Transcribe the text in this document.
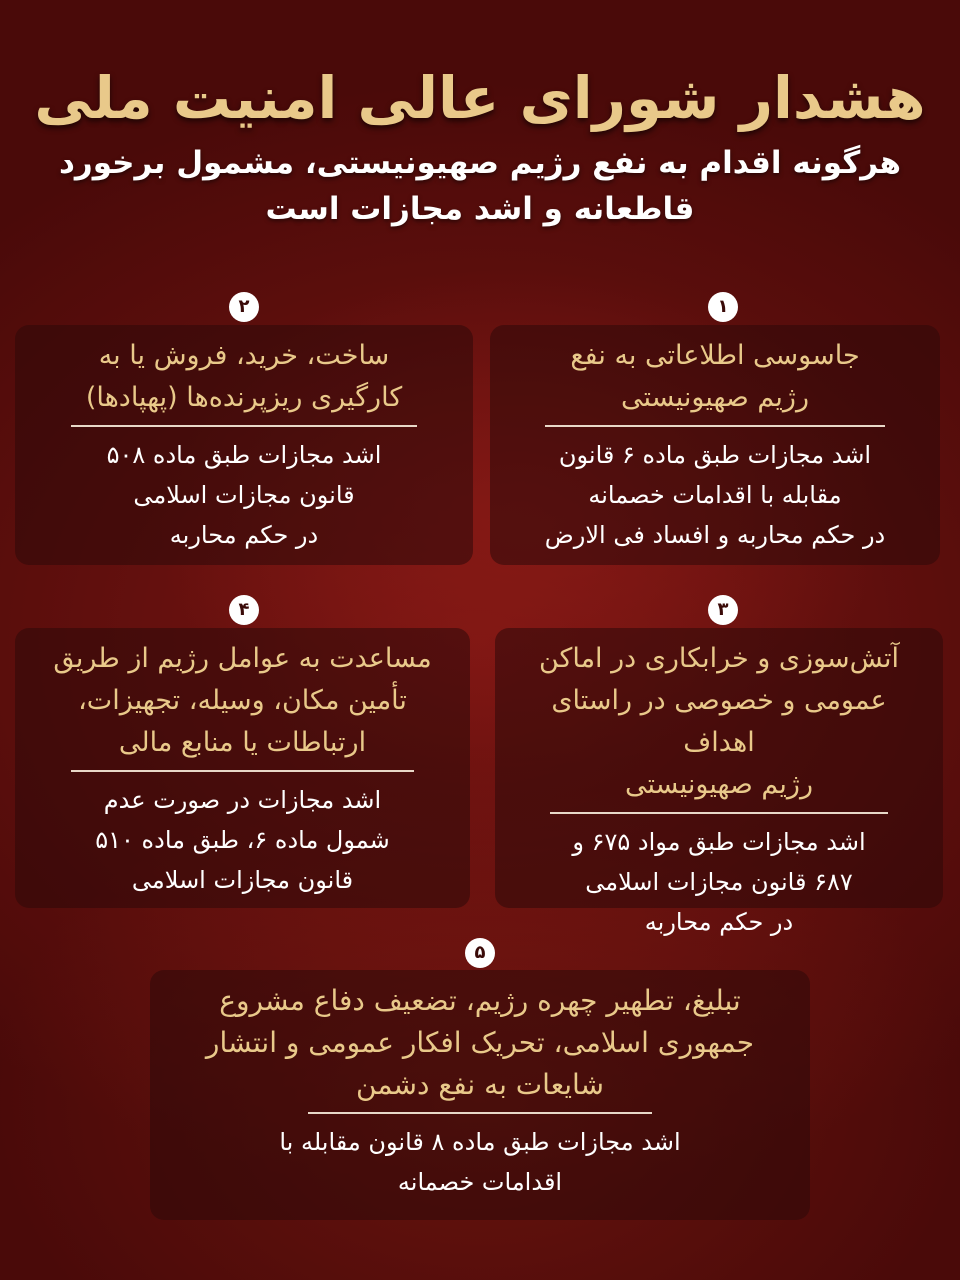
هشدار شورای عالی امنیت ملی
هرگونه اقدام به نفع رژیم صهیونیستی، مشمول برخورد
قاطعانه و اشد مجازات است
۱
جاسوسی اطلاعاتی به نفع
رژیم صهیونیستی
اشد مجازات طبق ماده ۶ قانون
مقابله با اقدامات خصمانه
در حکم محاربه و افساد فی الارض
۲
ساخت، خرید، فروش یا به
کارگیری ریزپرنده‌ها (پهپادها)
اشد مجازات طبق ماده ۵۰۸
قانون مجازات اسلامی
در حکم محاربه
۳
آتش‌سوزی و خرابکاری در اماکن
عمومی و خصوصی در راستای اهداف
رژیم صهیونیستی
اشد مجازات طبق مواد ۶۷۵ و
۶۸۷ قانون مجازات اسلامی
در حکم محاربه
۴
مساعدت به عوامل رژیم از طریق
تأمین مکان، وسیله، تجهیزات،
ارتباطات یا منابع مالی
اشد مجازات در صورت عدم
شمول ماده ۶، طبق ماده ۵۱۰
قانون مجازات اسلامی
۵
تبلیغ، تطهیر چهره رژیم، تضعیف دفاع مشروع
جمهوری اسلامی، تحریک افکار عمومی و انتشار
شایعات به نفع دشمن
اشد مجازات طبق ماده ۸ قانون مقابله با
اقدامات خصمانه
